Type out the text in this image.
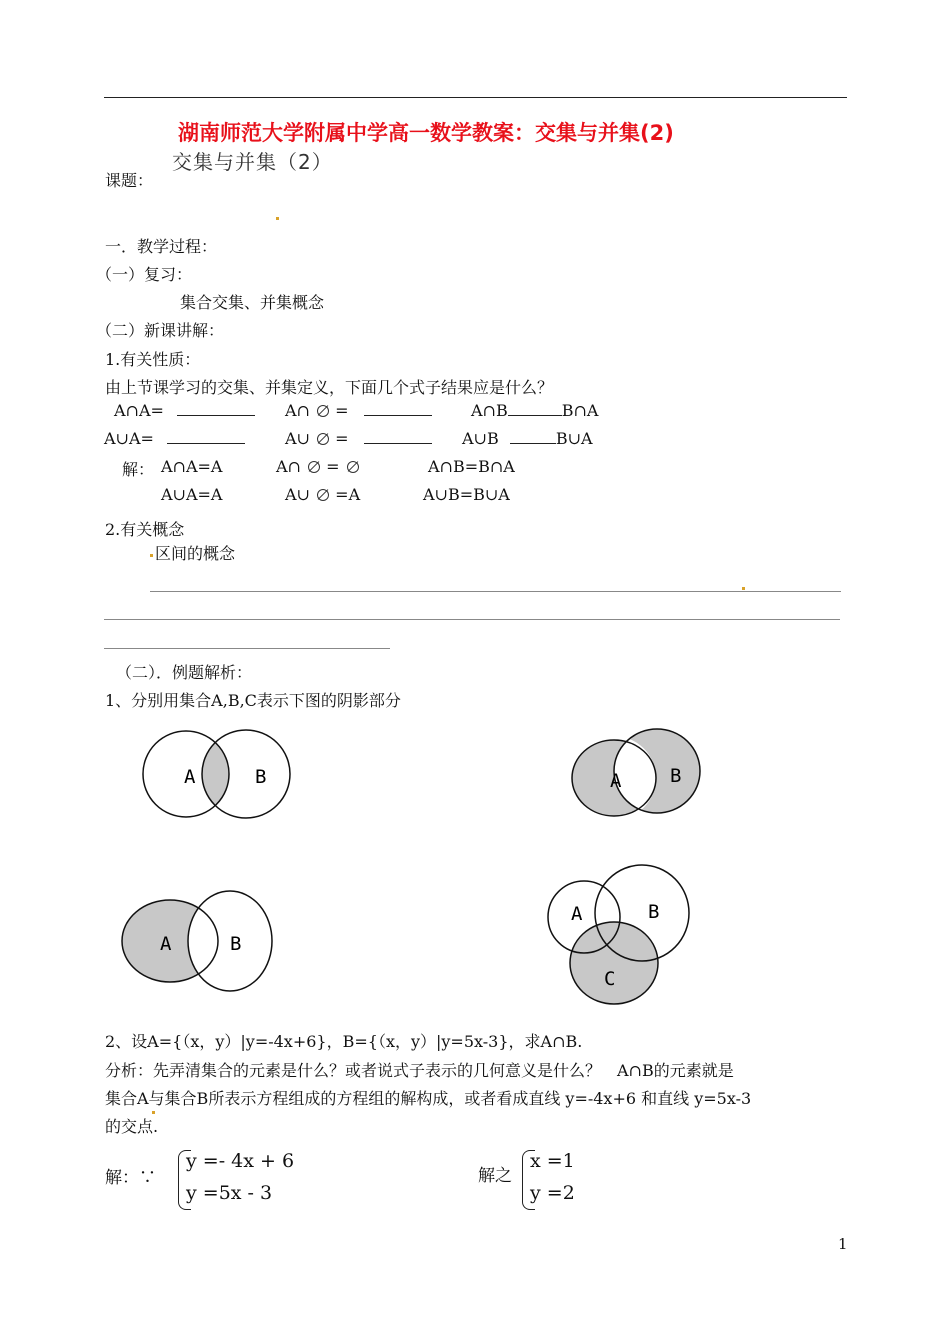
湖南师范大学附属中学高一数学教案：交集与并集(2)
交集与并集（2）
课题：
一．教学过程：
（一）复习：
集合交集、并集概念
（二）新课讲解：
1.有关性质：
由上节课学习的交集、并集定义，下面几个式子结果应是什么？
A∩A=	A∩ =	A∩B	B∩A
A∪A=	A∪ =	A∪B	B∪A
解： A∩A=A	A∩ =	A∩B=B∩A
A∪A=A	A∪ =A	A∪B=B∪A
2.有关概念
区间的概念
（二）．例题解析：
1、分别用集合A,B,C表示下图的阴影部分
A	B	A	B
A	B
A	B
C
2、设A={（x，y）|y=-4x+6}，B={（x，y）|y=5x-3}，求A∩B.
分析：先弄清集合的元素是什么？或者说式子表示的几何意义是什么？　A∩B的元素就是
集合A与集合B所表示方程组成的方程组的解构成，或者看成直线 y=-4x+6 和直线 y=5x-3
的交点.
解：∵
y =- 4x + 6
y =5x - 3
解之
x =1
y =2
1
